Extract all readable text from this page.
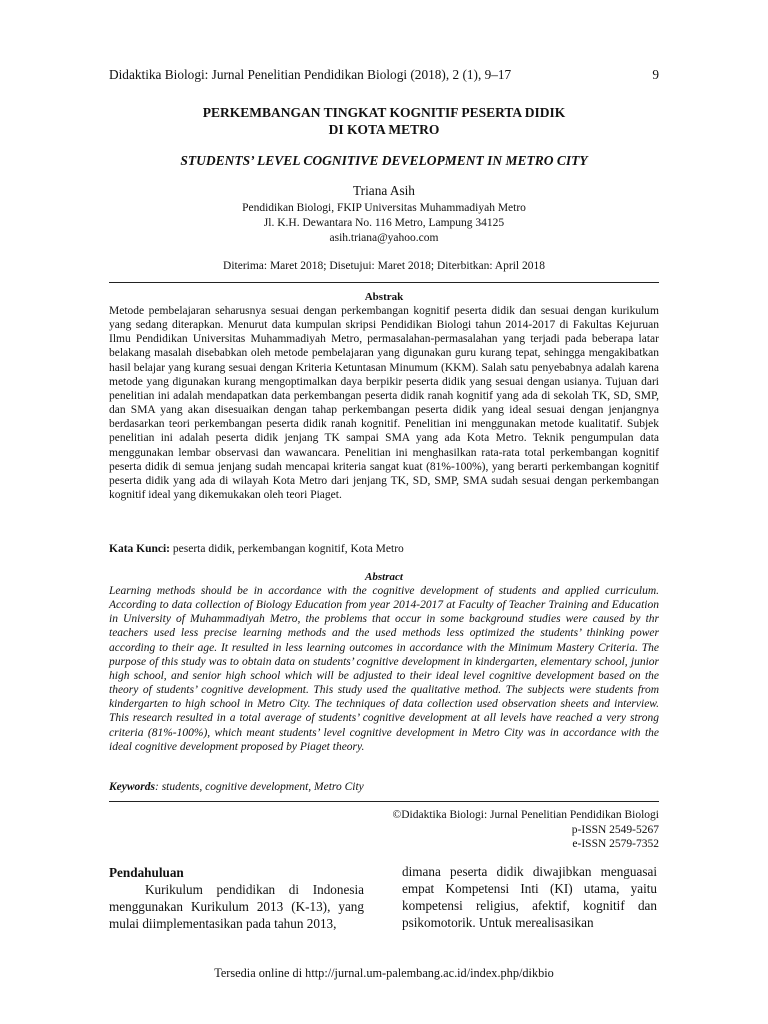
Didaktika Biologi: Jurnal Penelitian Pendidikan Biologi (2018), 2 (1), 9–17	9
PERKEMBANGAN TINGKAT KOGNITIF PESERTA DIDIK
DI KOTA METRO
STUDENTS’ LEVEL COGNITIVE DEVELOPMENT IN METRO CITY
Triana Asih
Pendidikan Biologi, FKIP Universitas Muhammadiyah Metro
Jl. K.H. Dewantara No. 116 Metro, Lampung 34125
asih.triana@yahoo.com
Diterima: Maret 2018; Disetujui: Maret 2018; Diterbitkan: April 2018
Abstrak
Metode pembelajaran seharusnya sesuai dengan perkembangan kognitif peserta didik dan sesuai dengan kurikulum yang sedang diterapkan. Menurut data kumpulan skripsi Pendidikan Biologi tahun 2014-2017 di Fakultas Kejuruan Ilmu Pendidikan Universitas Muhammadiyah Metro, permasalahan-permasalahan yang terjadi pada beberapa latar belakang masalah disebabkan oleh metode pembelajaran yang digunakan guru kurang tepat, sehingga mengakibatkan hasil belajar yang kurang sesuai dengan Kriteria Ketuntasan Minumum (KKM). Salah satu penyebabnya adalah karena metode yang digunakan kurang mengoptimalkan daya berpikir peserta didik yang sesuai dengan usianya. Tujuan dari penelitian ini adalah mendapatkan data perkembangan peserta didik ranah kognitif yang ada di sekolah TK, SD, SMP, dan SMA yang akan disesuaikan dengan tahap perkembangan peserta didik yang ideal sesuai dengan jenjangnya berdasarkan teori perkembangan peserta didik ranah kognitif. Penelitian ini menggunakan metode kualitatif. Subjek penelitian ini adalah peserta didik jenjang TK sampai SMA yang ada Kota Metro. Teknik pengumpulan data menggunakan lembar observasi dan wawancara. Penelitian ini menghasilkan rata-rata total perkembangan kognitif peserta didik di semua jenjang sudah mencapai kriteria sangat kuat (81%-100%), yang berarti perkembangan kognitif peserta didik yang ada di wilayah Kota Metro dari jenjang TK, SD, SMP, SMA sudah sesuai dengan perkembangan kognitif ideal yang dikemukakan oleh teori Piaget.
Kata Kunci: peserta didik, perkembangan kognitif, Kota Metro
Abstract
Learning methods should be in accordance with the cognitive development of students and applied curriculum. According to data collection of Biology Education from year 2014-2017 at Faculty of Teacher Training and Education in University of Muhammadiyah Metro, the problems that occur in some background studies were caused by thr teachers used less precise learning methods and the used methods less optimized the students’ thinking power according to their age. It resulted in less learning outcomes in accordance with the Minimum Mastery Criteria. The purpose of this study was to obtain data on students’ cognitive development in kindergarten, elementary school, junior high school, and senior high school which will be adjusted to their ideal level cognitive development based on the theory of students’ cognitive development. This study used the qualitative method. The subjects were students from kindergarten to high school in Metro City. The techniques of data collection used observation sheets and interview. This research resulted in a total average of students’ cognitive development at all levels have reached a very strong criteria (81%-100%), which meant students’ level cognitive development in Metro City was in accordance with the ideal cognitive development proposed by Piaget theory.
Keywords: students, cognitive development, Metro City
©Didaktika Biologi: Jurnal Penelitian Pendidikan Biologi
p-ISSN 2549-5267
e-ISSN 2579-7352
Pendahuluan
Kurikulum pendidikan di Indonesia menggunakan Kurikulum 2013 (K-13), yang mulai diimplementasikan pada tahun 2013,
dimana peserta didik diwajibkan menguasai empat Kompetensi Inti (KI) utama, yaitu kompetensi religius, afektif, kognitif dan psikomotorik. Untuk merealisasikan
Tersedia online di http://jurnal.um-palembang.ac.id/index.php/dikbio
